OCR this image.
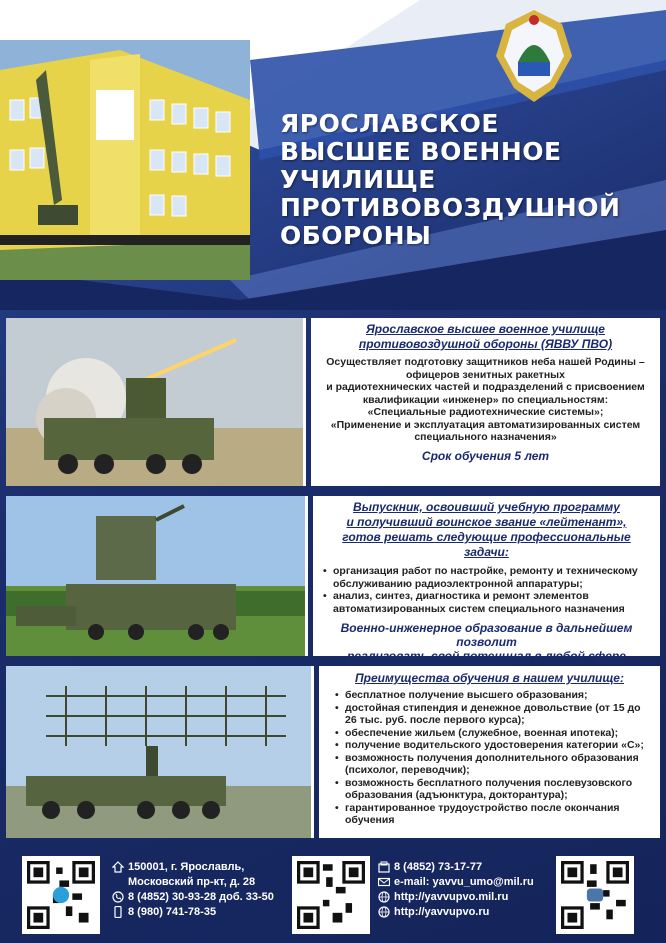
ЯРОСЛАВСКОЕ
ВЫСШЕЕ ВОЕННОЕ УЧИЛИЩЕ
ПРОТИВОВОЗДУШНОЙ
ОБОРОНЫ
Ярославское высшее военное училище
противовоздушной обороны (ЯВВУ ПВО)
Осуществляет подготовку защитников неба нашей Родины –
офицеров зенитных ракетных
и радиотехнических частей и подразделений с присвоением
квалификации «инженер» по специальностям:
«Специальные радиотехнические системы»;
«Применение и эксплуатация автоматизированных систем
специального назначения»
Срок обучения 5 лет
Выпускник, освоивший учебную программу
и получивший воинское звание «лейтенант»,
готов решать следующие профессиональные задачи:
• организация работ по настройке, ремонту и техническому обслуживанию радиоэлектронной аппаратуры;
• анализ, синтез, диагностика и ремонт элементов автоматизированных систем специального назначения
Военно-инженерное образование в дальнейшем позволит
реализовать свой потенциал в любой сфере
Преимущества обучения в нашем училище:
• бесплатное получение высшего образования;
• достойная стипендия и денежное довольствие (от 15 до 26 тыс. руб. после первого курса);
• обеспечение жильем (служебное, военная ипотека);
• получение водительского удостоверения категории «С»;
• возможность получения дополнительного образования (психолог, переводчик);
• возможность бесплатного получения послевузовского образования (адъюнктура, докторантура);
• гарантированное трудоустройство после окончания обучения
150001, г. Ярославль,
Московский пр-кт, д. 28
8 (4852) 30-93-28 доб. 33-50
8 (980) 741-78-35
8 (4852) 73-17-77
e-mail: yavvu_umo@mil.ru
http://yavvupvo.mil.ru
http://yavvupvo.ru
